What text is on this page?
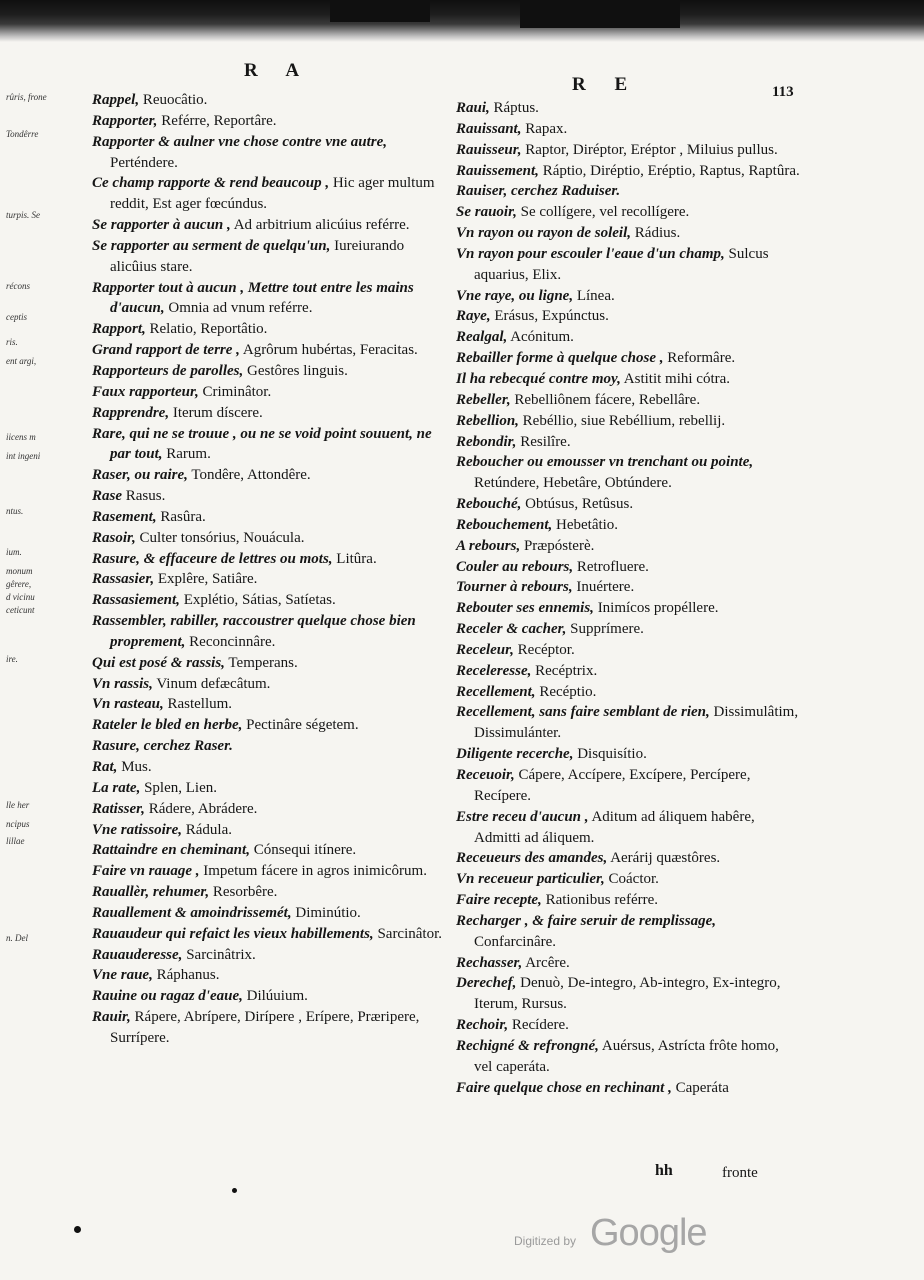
R A
R E	113
rûris, frone
Tondêrre
turpis. Se
récons
ceptis
ris.
ent argi,
iicens m
int ingeni
ntus.
ium.
monum
gêrere,
d vicinu
ceticunt
ire.
lle her
ncipus
lillae
n. Del
Rappel, Reuocâtio.
Rapporter, Reférre, Reportâre.
Rapporter & aulner vne chose contre vne autre, Perténdere.
Ce champ rapporte & rend beaucoup , Hic ager multum reddit, Est ager fœcúndus.
Se rapporter à aucun , Ad arbitrium alicúius reférre.
Se rapporter au serment de quelqu'un, Iureiurando alicûius stare.
Rapporter tout à aucun , Mettre tout entre les mains d'aucun, Omnia ad vnum reférre.
Rapport, Relatio, Reportâtio.
Grand rapport de terre , Agrôrum hubértas, Feracitas.
Rapporteurs de parolles, Gestôres linguis.
Faux rapporteur, Criminâtor.
Rapprendre, Iterum díscere.
Rare, qui ne se trouue , ou ne se void point souuent, ne par tout, Rarum.
Raser, ou raire, Tondêre, Attondêre.
Rase Rasus.
Rasement, Rasûra.
Rasoir, Culter tonsórius, Nouácula.
Rasure, & effaceure de lettres ou mots, Litûra.
Rassasier, Explêre, Satiâre.
Rassasiement, Explétio, Sátias, Satíetas.
Rassembler, rabiller, raccoustrer quelque chose bien proprement, Reconcinnâre.
Qui est posé & rassis, Temperans.
Vn rassis, Vinum defæcâtum.
Vn rasteau, Rastellum.
Rateler le bled en herbe, Pectinâre ségetem.
Rasure, cerchez Raser.
Rat, Mus.
La rate, Splen, Lien.
Ratisser, Rádere, Abrádere.
Vne ratissoire, Rádula.
Rattaindre en cheminant, Cónsequi itínere.
Faire vn rauage , Impetum fácere in agros inimicôrum.
Rauallèr, rehumer, Resorbêre.
Rauallement & amoindrissemét, Diminútio.
Rauaudeur qui refaict les vieux habillements, Sarcinâtor.
Rauauderesse, Sarcinâtrix.
Vne raue, Ráphanus.
Rauine ou ragaz d'eaue, Dilúuium.
Rauir, Rápere, Abrípere, Dirípere , Erípere, Præripere, Surrípere.
Raui, Ráptus.
Rauissant, Rapax.
Rauisseur, Raptor, Diréptor, Eréptor , Miluius pullus.
Rauissement, Ráptio, Diréptio, Eréptio, Raptus, Raptûra.
Rauiser, cerchez Raduiser.
Se rauoir, Se collígere, vel recollígere.
Vn rayon ou rayon de soleil, Rádius.
Vn rayon pour escouler l'eaue d'un champ, Sulcus aquarius, Elix.
Vne raye, ou ligne, Línea.
Raye, Erásus, Expúnctus.
Realgal, Acónitum.
Rebailler forme à quelque chose , Reformâre.
Il ha rebecqué contre moy, Astitit mihi cótra.
Rebeller, Rebelliônem fácere, Rebellâre.
Rebellion, Rebéllio, siue Rebéllium, rebellij.
Rebondir, Resilîre.
Reboucher ou emousser vn trenchant ou pointe, Retúndere, Hebetâre, Obtúndere.
Rebouché, Obtúsus, Retûsus.
Rebouchement, Hebetâtio.
A rebours, Præpósterè.
Couler au rebours, Retrofluere.
Tourner à rebours, Inuértere.
Rebouter ses ennemis, Inimícos propéllere.
Receler & cacher, Supprímere.
Receleur, Recéptor.
Receleresse, Recéptrix.
Recellement, Recéptio.
Recellement, sans faire semblant de rien, Dissimulâtim, Dissimulánter.
Diligente recerche, Disquisítio.
Receuoir, Cápere, Accípere, Excípere, Percípere, Recípere.
Estre receu d'aucun , Aditum ad áliquem habêre, Admitti ad áliquem.
Receueurs des amandes, Aerárij quæstôres.
Vn receueur particulier, Coáctor.
Faire recepte, Rationibus reférre.
Recharger , & faire seruir de remplissage, Confarcinâre.
Rechasser, Arcêre.
Derechef, Denuò, De-integro, Ab-integro, Ex-integro, Iterum, Rursus.
Rechoir, Recídere.
Rechigné & refrongné, Auérsus, Astrícta frôte homo, vel caperáta.
Faire quelque chose en rechinant , Caperáta
hh	fronte
Digitized by Google
